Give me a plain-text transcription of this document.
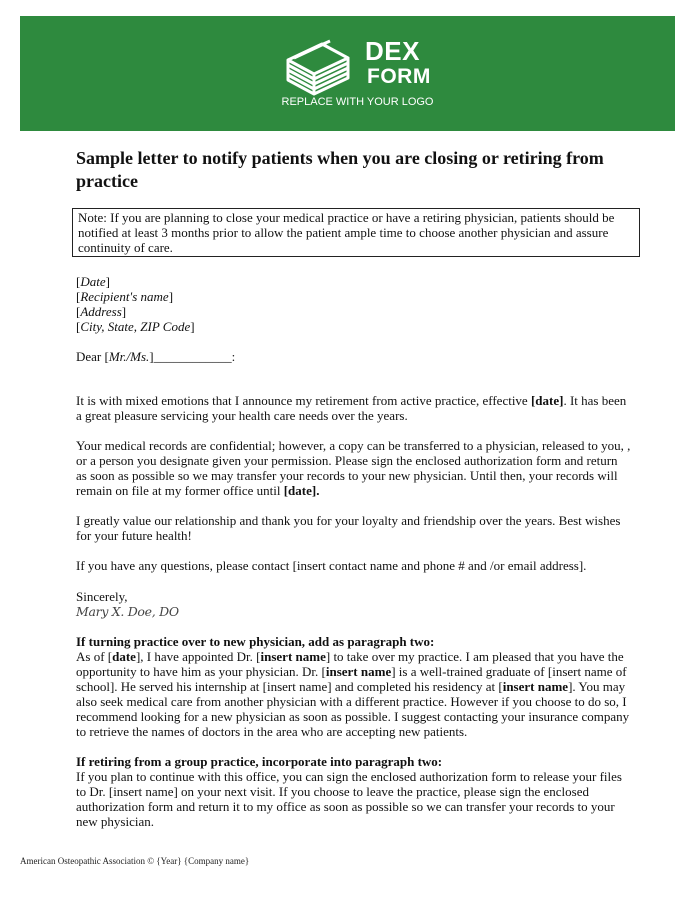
DEX
FORM
REPLACE WITH YOUR LOGO
Sample letter to notify patients when you are closing or retiring from practice
Note: If you are planning to close your medical practice or have a retiring physician, patients should be notified at least 3 months prior to allow the patient ample time to choose another physician and assure continuity of care.

[Date]

[Recipient's name]

[Address]

[City, State, ZIP Code]

Dear [Mr./Ms.]____________:

It is with mixed emotions that I announce my retirement from active practice, effective [date]. It has been a great pleasure servicing your health care needs over the years.

Your medical records are confidential; however, a copy can be transferred to a physician, released to you, , or a person you designate given your permission. Please sign the enclosed authorization form and return as soon as possible so we may transfer your records to your new physician. Until then, your records will remain on file at my former office until [date].

I greatly value our relationship and thank you for your loyalty and friendship over the years. Best wishes for your future health!

If you have any questions, please contact [insert contact name and phone # and /or email address].

Sincerely,

Mary X. Doe, DO

If turning practice over to new physician, add as paragraph two:

As of [date], I have appointed Dr. [insert name] to take over my practice. I am pleased that you have the opportunity to have him as your physician. Dr. [insert name] is a well-trained graduate of [insert name of school]. He served his internship at [insert name] and completed his residency at [insert name]. You may also seek medical care from another physician with a different practice. However if you choose to do so, I recommend looking for a new physician as soon as possible. I suggest contacting your insurance company to retrieve the names of doctors in the area who are accepting new patients.

If retiring from a group practice, incorporate into paragraph two:

If you plan to continue with this office, you can sign the enclosed authorization form to release your files to Dr. [insert name] on your next visit. If you choose to leave the practice, please sign the enclosed authorization form and return it to my office as soon as possible so we can transfer your records to your new physician.

American Osteopathic Association © {Year} {Company name}
